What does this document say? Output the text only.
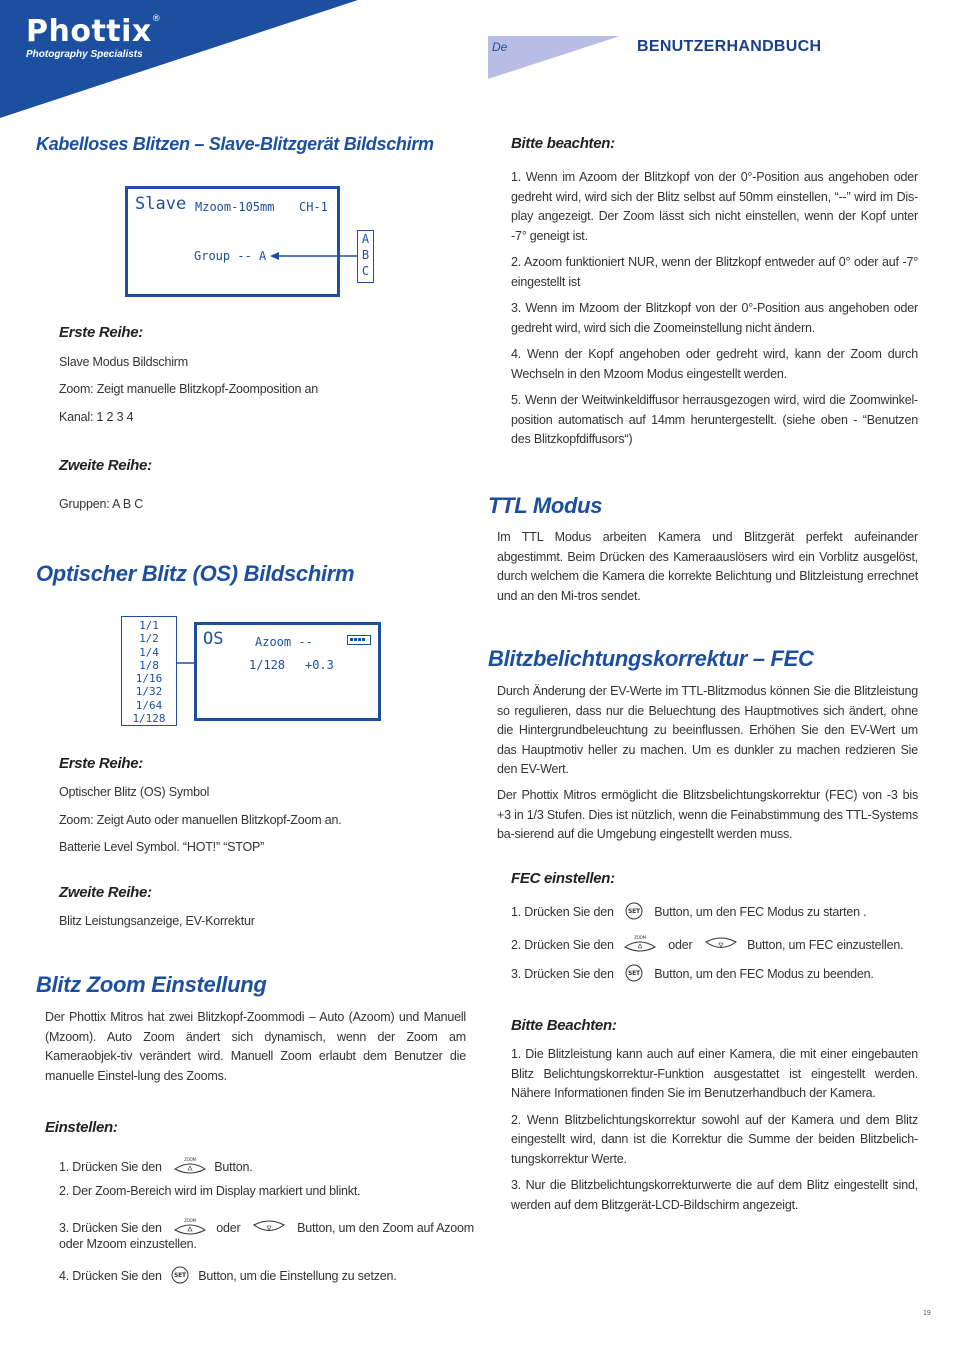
Phottix®
Photography Specialists
De	BENUTZERHANDBUCH
Kabelloses Blitzen – Slave-Blitzgerät Bildschirm
Slave Mzoom-105mm CH-1
Group -- A
A
B
C
Erste Reihe:
Slave Modus Bildschirm
Zoom: Zeigt manuelle Blitzkopf-Zoomposition an
Kanal: 1 2 3 4
Zweite Reihe:
Gruppen: A B C
Optischer Blitz (OS) Bildschirm
1/1
1/2
1/4
1/8
1/16
1/32
1/64
1/128
OS	Azoom --
1/128 +0.3
Erste Reihe:
Optischer Blitz (OS) Symbol
Zoom: Zeigt Auto oder manuellen Blitzkopf-Zoom an.
Batterie Level Symbol. “HOT!” “STOP”
Zweite Reihe:
Blitz Leistungsanzeige, EV-Korrektur
Blitz Zoom Einstellung
Der Phottix Mitros hat zwei Blitzkopf-Zoommodi – Auto (Azoom) und Manuell (Mzoom). Auto Zoom ändert sich dynamisch, wenn der Zoom am Kameraobjek-tiv verändert wird. Manuell Zoom erlaubt dem Benutzer die manuelle Einstel-lung des Zooms.
Einstellen:
1. Drücken Sie den
ZOOM
Button.
2. Der Zoom-Bereich wird im Display markiert und blinkt.
3. Drücken Sie den
ZOOM
oder	Button, um den Zoom auf Azoom
oder Mzoom einzustellen.
4. Drücken Sie den SET Button, um die Einstellung zu setzen.
Bitte beachten:
1. Wenn im Azoom der Blitzkopf von der 0°-Position aus angehoben oder gedreht wird, wird sich der Blitz selbst auf 50mm einstellen, “--” wird im Dis-play angezeigt. Der Zoom lässt sich nicht einstellen, wenn der Kopf unter -7° geneigt ist.
2. Azoom funktioniert NUR, wenn der Blitzkopf entweder auf 0° oder auf -7° eingestellt ist
3. Wenn im Mzoom der Blitzkopf von der 0°-Position aus angehoben oder gedreht wird, wird sich die Zoomeinstellung nicht ändern.
4. Wenn der Kopf angehoben oder gedreht wird, kann der Zoom durch Wechseln in den Mzoom Modus eingestellt werden.
5. Wenn der Weitwinkeldiffusor herrausgezogen wird, wird die Zoomwinkel-position automatisch auf 14mm heruntergestellt. (siehe oben - “Benutzen des Blitzkopfdiffusors“)
TTL Modus
Im TTL Modus arbeiten Kamera und Blitzgerät perfekt aufeinander abgestimmt. Beim Drücken des Kameraauslösers wird ein Vorblitz ausgelöst, durch welchem die Kamera die korrekte Belichtung und Blitzleistung errechnet und an den Mi-tros sendet.
Blitzbelichtungskorrektur – FEC
Durch Änderung der EV-Werte im TTL-Blitzmodus können Sie die Blitzleistung so regulieren, dass nur die Beluechtung des Hauptmotives sich ändert, ohne die Hintergrundbeleuchtung zu beeinflussen. Erhöhen Sie den EV-Wert um das Hauptmotiv heller zu machen. Um es dunkler zu machen redzieren Sie den EV-Wert.
Der Phottix Mitros ermöglicht die Blitzsbelichtungskorrektur (FEC) von -3 bis +3 in 1/3 Stufen. Dies ist nützlich, wenn die Feinabstimmung des TTL-Systems ba-sierend auf die Umgebung eingestellt werden muss.
FEC einstellen:
1. Drücken Sie den SET Button, um den FEC Modus zu starten .
2. Drücken Sie den
ZOOM
oder	Button, um FEC einzustellen.
3. Drücken Sie den SET Button, um den FEC Modus zu beenden.
Bitte Beachten:
1. Die Blitzleistung kann auch auf einer Kamera, die mit einer eingebauten Blitz Belichtungskorrektur-Funktion ausgestattet ist eingestellt werden. Nähere Informationen finden Sie im Benutzerhandbuch der Kamera.
2. Wenn Blitzbelichtungskorrektur sowohl auf der Kamera und dem Blitz eingestellt wird, dann ist die Korrektur die Summe der beiden Blitzbelich-tungskorrektur Werte.
3. Nur die Blitzbelichtungskorrekturwerte die auf dem Blitz eingestellt sind, werden auf dem Blitzgerät-LCD-Bildschirm angezeigt.
19
